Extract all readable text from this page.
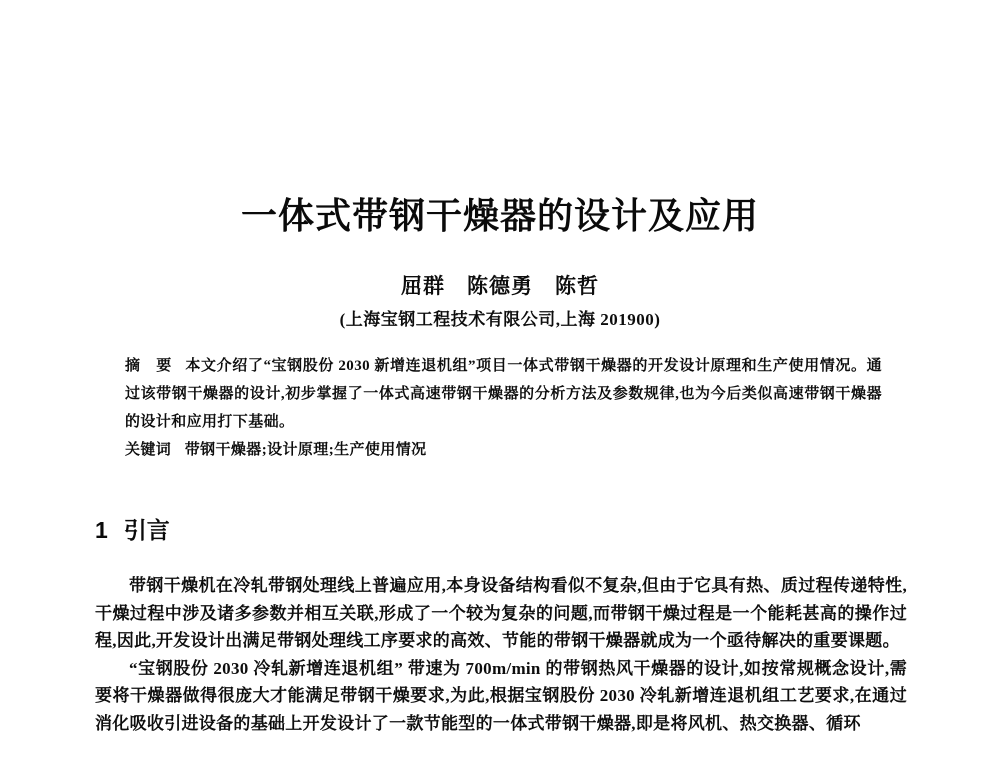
一体式带钢干燥器的设计及应用
屈群　陈德勇　陈哲
(上海宝钢工程技术有限公司,上海 201900)

摘　要 本文介绍了“宝钢股份 2030 新增连退机组”项目一体式带钢干燥器的开发设计原理和生产使用情况。通过该带钢干燥器的设计,初步掌握了一体式高速带钢干燥器的分析方法及参数规律,也为今后类似高速带钢干燥器的设计和应用打下基础。

关键词 带钢干燥器;设计原理;生产使用情况

1 引言

带钢干燥机在冷轧带钢处理线上普遍应用,本身设备结构看似不复杂,但由于它具有热、质过程传递特性,干燥过程中涉及诸多参数并相互关联,形成了一个较为复杂的问题,而带钢干燥过程是一个能耗甚高的操作过程,因此,开发设计出满足带钢处理线工序要求的高效、节能的带钢干燥器就成为一个亟待解决的重要课题。

“宝钢股份 2030 冷轧新增连退机组” 带速为 700m/min 的带钢热风干燥器的设计,如按常规概念设计,需要将干燥器做得很庞大才能满足带钢干燥要求,为此,根据宝钢股份 2030 冷轧新增连退机组工艺要求,在通过消化吸收引进设备的基础上开发设计了一款节能型的一体式带钢干燥器,即是将风机、热交换器、循环
